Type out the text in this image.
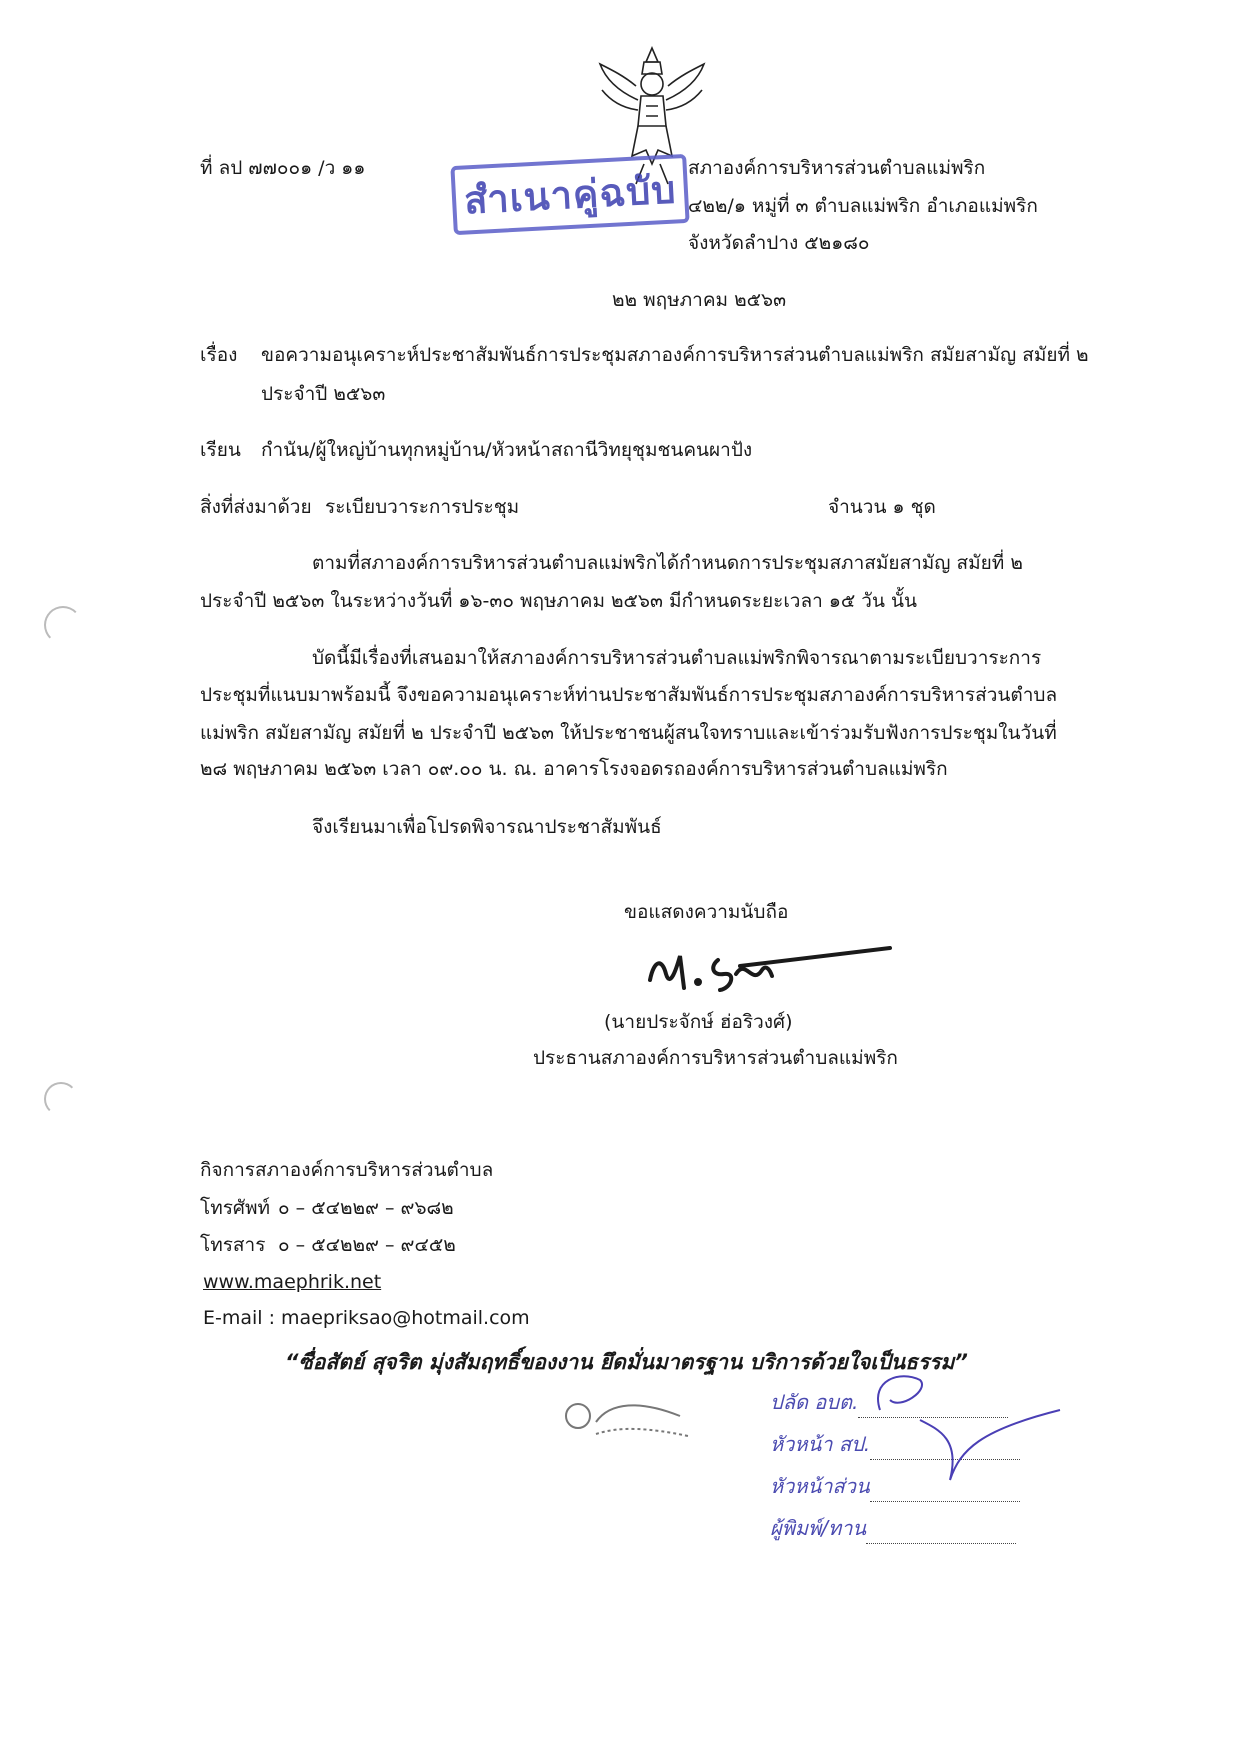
ที่ ลป ๗๗๐๐๑ /ว ๑๑	สำเนาคู่ฉบับ สภาองค์การบริหารส่วนตำบลแม่พริก
๔๒๒/๑ หมู่ที่ ๓ ตำบลแม่พริก อำเภอแม่พริก
จังหวัดลำปาง ๕๒๑๘๐
๒๒ พฤษภาคม ๒๕๖๓
เรื่อง ขอความอนุเคราะห์ประชาสัมพันธ์การประชุมสภาองค์การบริหารส่วนตำบลแม่พริก สมัยสามัญ สมัยที่ ๒
ประจำปี ๒๕๖๓
เรียน กำนัน/ผู้ใหญ่บ้านทุกหมู่บ้าน/หัวหน้าสถานีวิทยุชุมชนคนผาปัง
สิ่งที่ส่งมาด้วย ระเบียบวาระการประชุม	จำนวน ๑ ชุด
ตามที่สภาองค์การบริหารส่วนตำบลแม่พริกได้กำหนดการประชุมสภาสมัยสามัญ สมัยที่ ๒
ประจำปี ๒๕๖๓ ในระหว่างวันที่ ๑๖-๓๐ พฤษภาคม ๒๕๖๓ มีกำหนดระยะเวลา ๑๕ วัน นั้น
บัดนี้มีเรื่องที่เสนอมาให้สภาองค์การบริหารส่วนตำบลแม่พริกพิจารณาตามระเบียบวาระการ
ประชุมที่แนบมาพร้อมนี้ จึงขอความอนุเคราะห์ท่านประชาสัมพันธ์การประชุมสภาองค์การบริหารส่วนตำบล
แม่พริก สมัยสามัญ สมัยที่ ๒ ประจำปี ๒๕๖๓ ให้ประชาชนผู้สนใจทราบและเข้าร่วมรับฟังการประชุมในวันที่
๒๘ พฤษภาคม ๒๕๖๓ เวลา ๐๙.๐๐ น. ณ. อาคารโรงจอดรถองค์การบริหารส่วนตำบลแม่พริก
จึงเรียนมาเพื่อโปรดพิจารณาประชาสัมพันธ์
ขอแสดงความนับถือ
(นายประจักษ์ ฮ่อริวงศ์)
ประธานสภาองค์การบริหารส่วนตำบลแม่พริก
กิจการสภาองค์การบริหารส่วนตำบล
โทรศัพท์ ๐ – ๕๔๒๒๙ – ๙๖๘๒
โทรสาร ๐ – ๕๔๒๒๙ – ๙๔๕๒
www.maephrik.net
E-mail : maepriksao@hotmail.com
“ซื่อสัตย์ สุจริต มุ่งสัมฤทธิ์ของงาน ยึดมั่นมาตรฐาน บริการด้วยใจเป็นธรรม”
ปลัด อบต.
หัวหน้า สป.
หัวหน้าส่วน
ผู้พิมพ์/ทาน
